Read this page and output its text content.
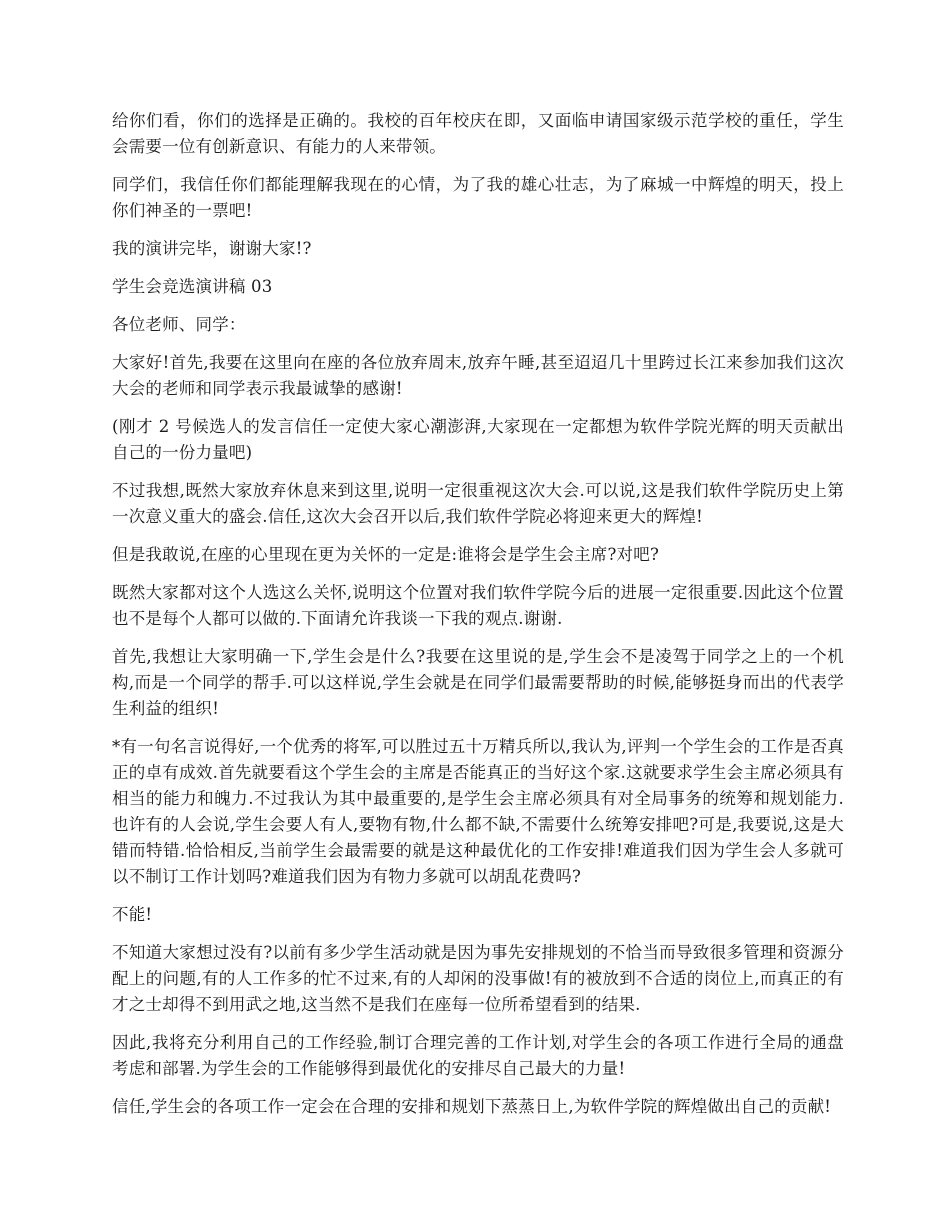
给你们看，你们的选择是正确的。我校的百年校庆在即，又面临申请国家级示范学校的重任，学生会需要一位有创新意识、有能力的人来带领。

同学们，我信任你们都能理解我现在的心情，为了我的雄心壮志，为了麻城一中辉煌的明天，投上你们神圣的一票吧!

我的演讲完毕，谢谢大家!?

学生会竞选演讲稿 03

各位老师、同学：

大家好!首先,我要在这里向在座的各位放弃周末,放弃午睡,甚至迢迢几十里跨过长江来参加我们这次大会的老师和同学表示我最诚挚的感谢!

(刚才 2 号候选人的发言信任一定使大家心潮澎湃,大家现在一定都想为软件学院光辉的明天贡献出自己的一份力量吧)

不过我想,既然大家放弃休息来到这里,说明一定很重视这次大会.可以说,这是我们软件学院历史上第一次意义重大的盛会.信任,这次大会召开以后,我们软件学院必将迎来更大的辉煌!

但是我敢说,在座的心里现在更为关怀的一定是:谁将会是学生会主席?对吧?

既然大家都对这个人选这么关怀,说明这个位置对我们软件学院今后的进展一定很重要.因此这个位置也不是每个人都可以做的.下面请允许我谈一下我的观点.谢谢.

首先,我想让大家明确一下,学生会是什么?我要在这里说的是,学生会不是凌驾于同学之上的一个机构,而是一个同学的帮手.可以这样说,学生会就是在同学们最需要帮助的时候,能够挺身而出的代表学生利益的组织!

*有一句名言说得好,一个优秀的将军,可以胜过五十万精兵所以,我认为,评判一个学生会的工作是否真正的卓有成效.首先就要看这个学生会的主席是否能真正的当好这个家.这就要求学生会主席必须具有相当的能力和魄力.不过我认为其中最重要的,是学生会主席必须具有对全局事务的统筹和规划能力.也许有的人会说,学生会要人有人,要物有物,什么都不缺,不需要什么统筹安排吧?可是,我要说,这是大错而特错.恰恰相反,当前学生会最需要的就是这种最优化的工作安排!难道我们因为学生会人多就可以不制订工作计划吗?难道我们因为有物力多就可以胡乱花费吗?

不能!

不知道大家想过没有?以前有多少学生活动就是因为事先安排规划的不恰当而导致很多管理和资源分配上的问题,有的人工作多的忙不过来,有的人却闲的没事做!有的被放到不合适的岗位上,而真正的有才之士却得不到用武之地,这当然不是我们在座每一位所希望看到的结果.

因此,我将充分利用自己的工作经验,制订合理完善的工作计划,对学生会的各项工作进行全局的通盘考虑和部署.为学生会的工作能够得到最优化的安排尽自己最大的力量!

信任,学生会的各项工作一定会在合理的安排和规划下蒸蒸日上,为软件学院的辉煌做出自己的贡献!
